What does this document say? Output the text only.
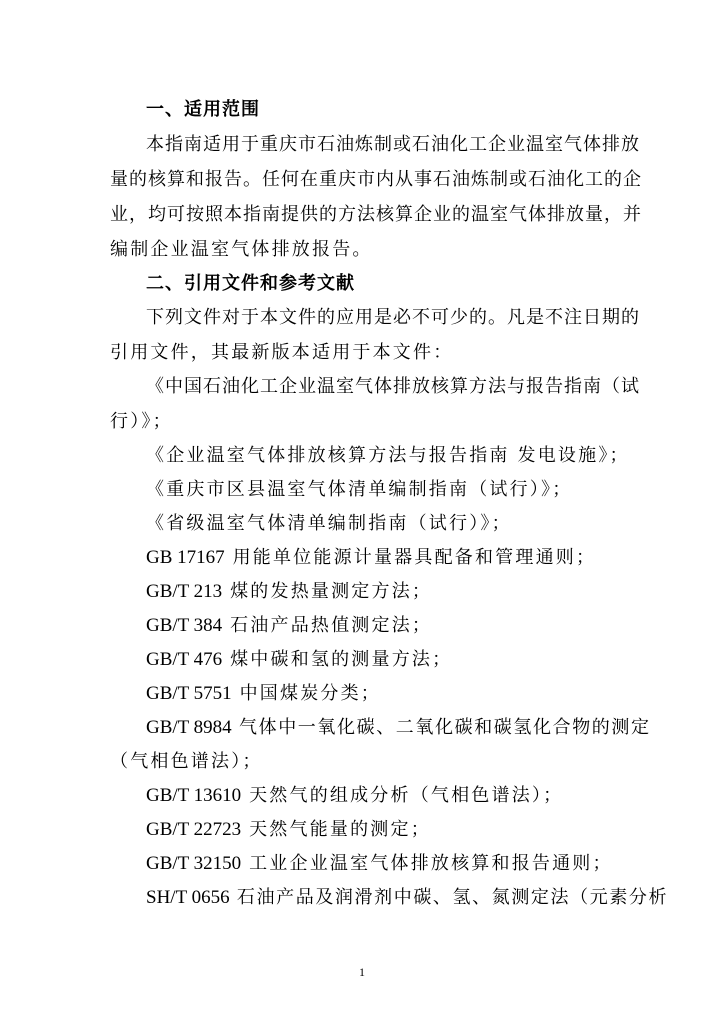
一、适用范围
本指南适用于重庆市石油炼制或石油化工企业温室气体排放
量的核算和报告。任何在重庆市内从事石油炼制或石油化工的企
业，均可按照本指南提供的方法核算企业的温室气体排放量，并
编制企业温室气体排放报告。
二、引用文件和参考文献
下列文件对于本文件的应用是必不可少的。凡是不注日期的
引用文件，其最新版本适用于本文件：
《中国石油化工企业温室气体排放核算方法与报告指南（试
行）》；
《企业温室气体排放核算方法与报告指南 发电设施》；
《重庆市区县温室气体清单编制指南（试行）》；
《省级温室气体清单编制指南（试行）》；
GB 17167 用能单位能源计量器具配备和管理通则；
GB/T 213 煤的发热量测定方法；
GB/T 384 石油产品热值测定法；
GB/T 476 煤中碳和氢的测量方法；
GB/T 5751 中国煤炭分类；
GB/T 8984 气体中一氧化碳、二氧化碳和碳氢化合物的测定
（气相色谱法）；
GB/T 13610 天然气的组成分析（气相色谱法）；
GB/T 22723 天然气能量的测定；
GB/T 32150 工业企业温室气体排放核算和报告通则；
SH/T 0656 石油产品及润滑剂中碳、氢、氮测定法（元素分析
1
